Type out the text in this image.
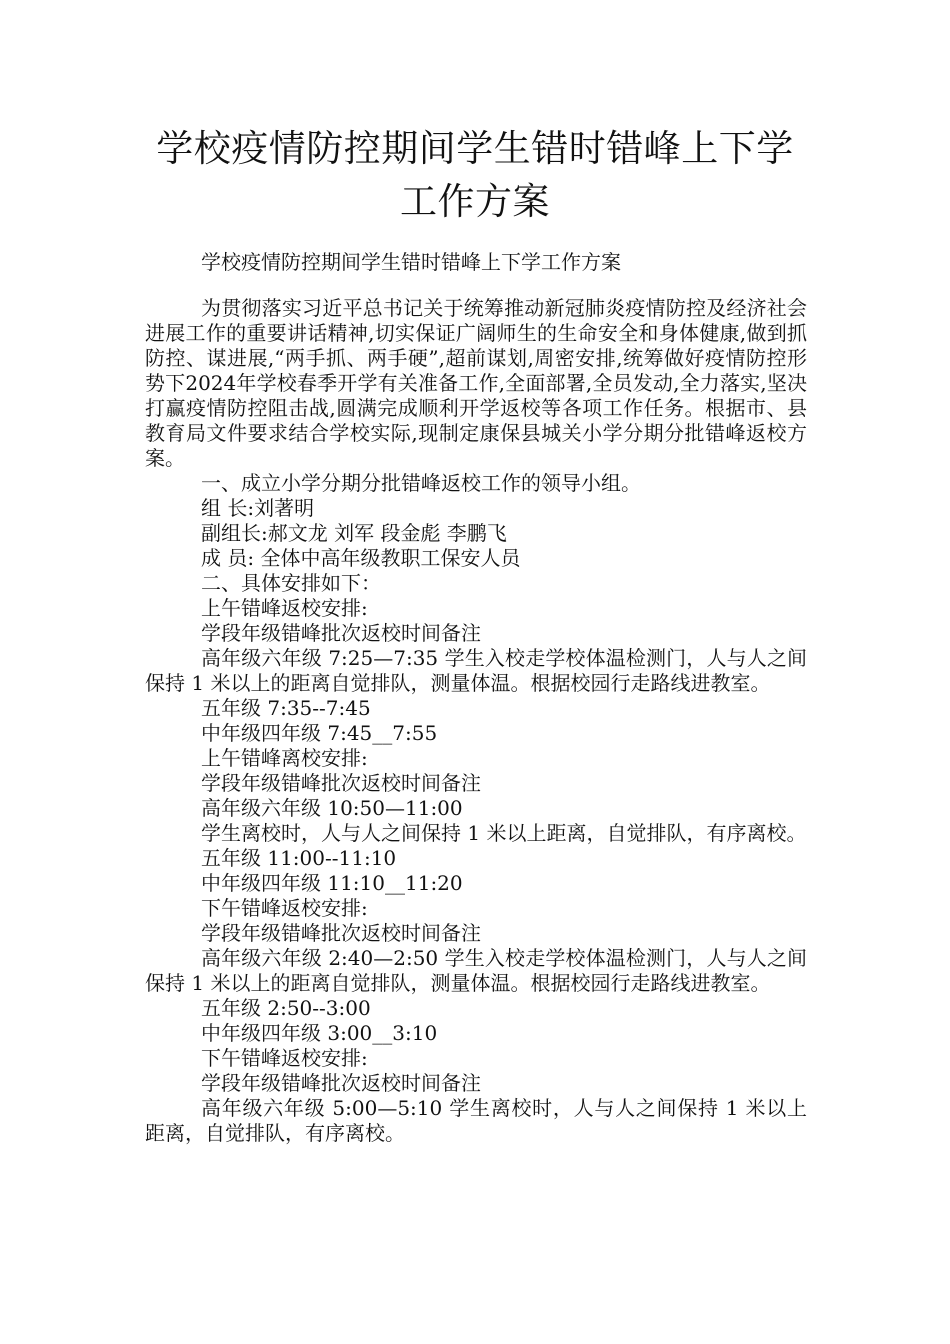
学校疫情防控期间学生错时错峰上下学工作方案

学校疫情防控期间学生错时错峰上下学工作方案

为贯彻落实习近平总书记关于统筹推动新冠肺炎疫情防控及经济社会进展工作的重要讲话精神,切实保证广阔师生的生命安全和身体健康,做到抓防控、谋进展,“两手抓、两手硬”,超前谋划,周密安排,统筹做好疫情防控形势下2024年学校春季开学有关准备工作,全面部署,全员发动,全力落实,坚决打赢疫情防控阻击战,圆满完成顺利开学返校等各项工作任务。根据市、县教育局文件要求结合学校实际,现制定康保县城关小学分期分批错峰返校方案。

一、成立小学分期分批错峰返校工作的领导小组。

组 长:刘著明

副组长:郝文龙 刘军 段金彪 李鹏飞

成 员: 全体中高年级教职工保安人员

二、具体安排如下：

上午错峰返校安排:

学段年级错峰批次返校时间备注

高年级六年级 7:25—7:35 学生入校走学校体温检测门，人与人之间保持 1 米以上的距离自觉排队，测量体温。根据校园行走路线进教室。

五年级 7:35--7:45

中年级四年级 7:45__7:55

上午错峰离校安排:

学段年级错峰批次返校时间备注

高年级六年级 10:50—11:00

学生离校时，人与人之间保持 1 米以上距离，自觉排队，有序离校。

五年级 11:00--11:10

中年级四年级 11:10__11:20

下午错峰返校安排:

学段年级错峰批次返校时间备注

高年级六年级 2:40—2:50 学生入校走学校体温检测门，人与人之间保持 1 米以上的距离自觉排队，测量体温。根据校园行走路线进教室。

五年级 2:50--3:00

中年级四年级 3:00__3:10

下午错峰返校安排:

学段年级错峰批次返校时间备注

高年级六年级 5:00—5:10 学生离校时，人与人之间保持 1 米以上距离，自觉排队，有序离校。
